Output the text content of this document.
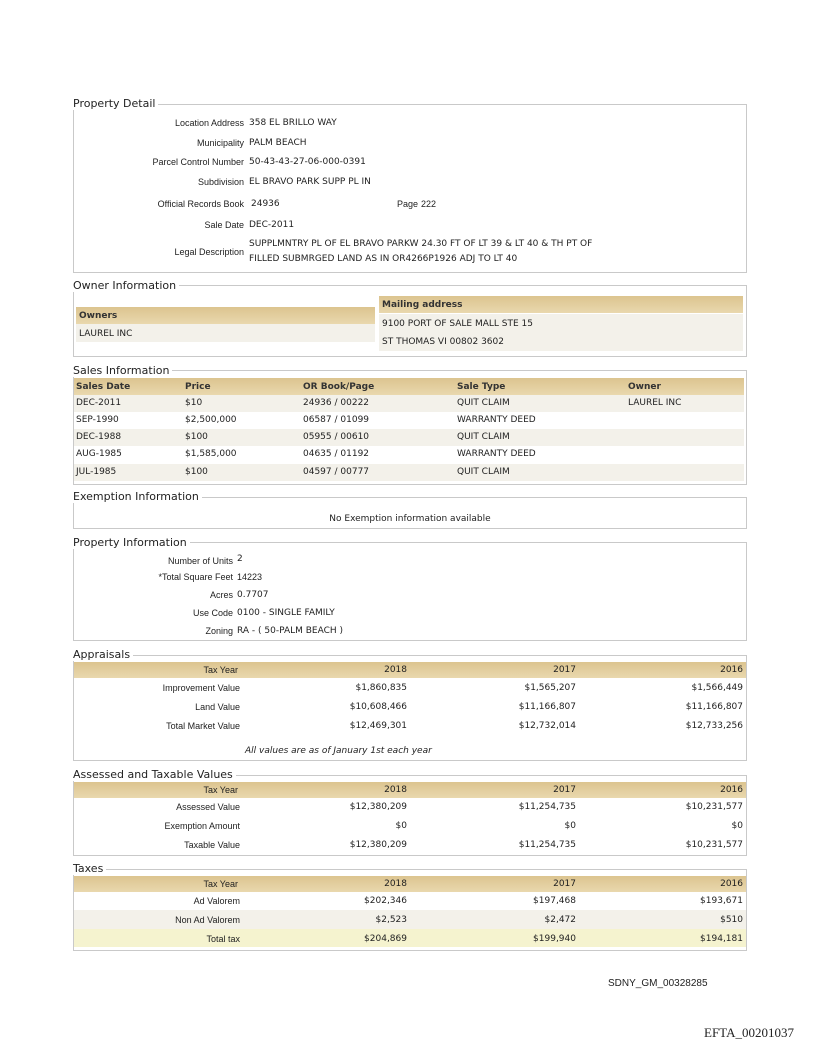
Property Detail
Location Address 358 EL BRILLO WAY
Municipality PALM BEACH
Parcel Control Number 50-43-43-27-06-000-0391
Subdivision EL BRAVO PARK SUPP PL IN
Official Records Book 24936	Page 222
Sale Date DEC-2011
Legal Description
SUPPLMNTRY PL OF EL BRAVO PARKW 24.30 FT OF LT 39 & LT 40 & TH PT OF
FILLED SUBMRGED LAND AS IN OR4266P1926 ADJ TO LT 40
Owner Information
Owners
LAUREL INC
Mailing address
9100 PORT OF SALE MALL STE 15
ST THOMAS VI 00802 3602
Sales Information
Sales Date	Price	OR Book/Page	Sale Type	Owner
DEC-2011	$10	24936 / 00222	QUIT CLAIM	LAUREL INC
SEP-1990	$2,500,000	06587 / 01099	WARRANTY DEED
DEC-1988	$100	05955 / 00610	QUIT CLAIM
AUG-1985	$1,585,000	04635 / 01192	WARRANTY DEED
JUL-1985	$100	04597 / 00777	QUIT CLAIM
Exemption Information
No Exemption information available
Property Information
Number of Units 2
*Total Square Feet 14223
Acres 0.7707
Use Code 0100 - SINGLE FAMILY
Zoning RA - ( 50-PALM BEACH )
Appraisals
Tax Year	2018	2017	2016
Improvement Value	$1,860,835	$1,565,207	$1,566,449
Land Value	$10,608,466	$11,166,807	$11,166,807
Total Market Value	$12,469,301	$12,732,014	$12,733,256
All values are as of January 1st each year
Assessed and Taxable Values
Tax Year	2018	2017	2016
Assessed Value	$12,380,209	$11,254,735	$10,231,577
Exemption Amount	$0	$0	$0
Taxable Value	$12,380,209	$11,254,735	$10,231,577
Taxes
Tax Year	2018	2017	2016
Ad Valorem	$202,346	$197,468	$193,671
Non Ad Valorem	$2,523	$2,472	$510
Total tax	$204,869	$199,940	$194,181
SDNY_GM_00328285
EFTA_00201037
